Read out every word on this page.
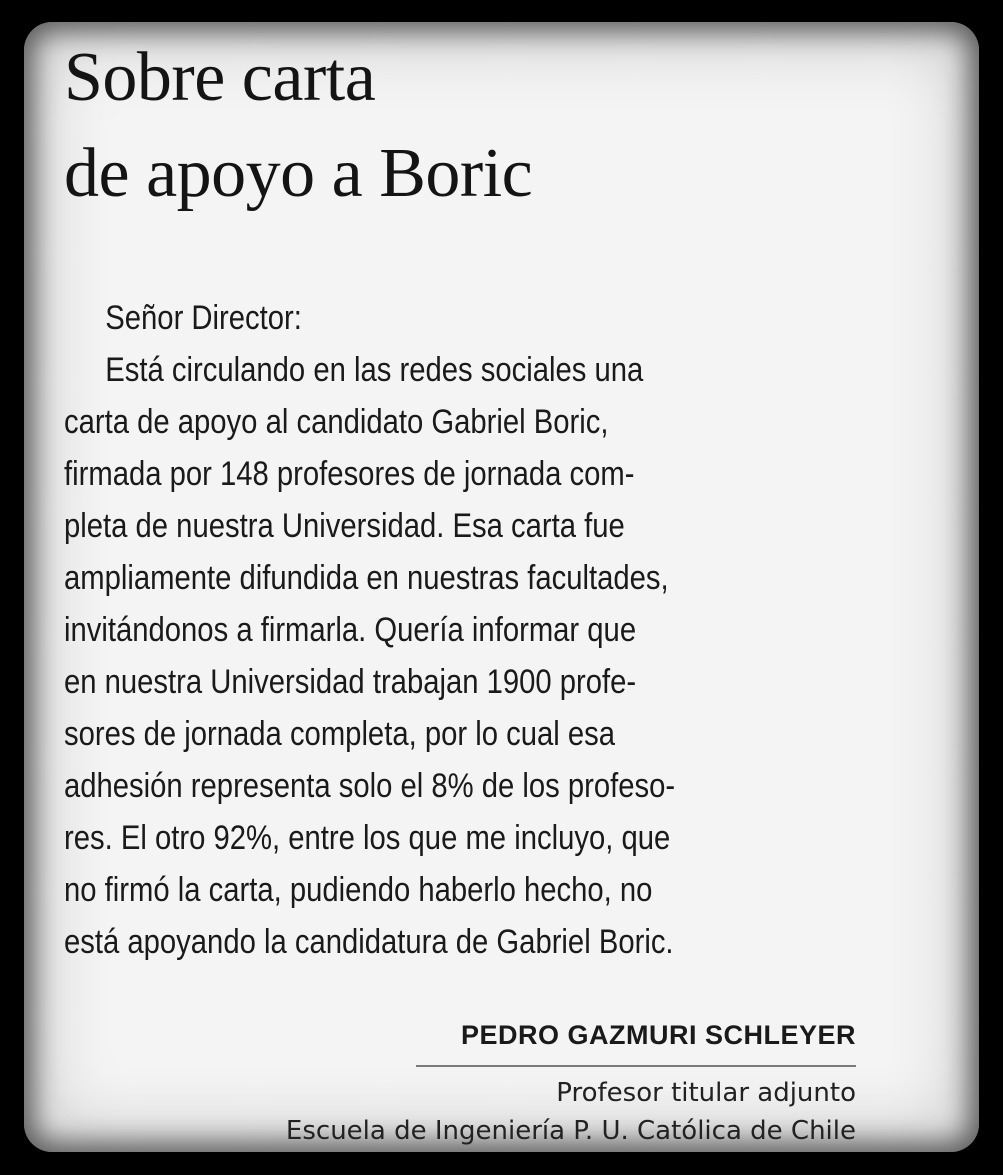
Sobre carta
de apoyo a Boric
Señor Director:
Está circulando en las redes sociales una
carta de apoyo al candidato Gabriel Boric,
firmada por 148 profesores de jornada com-
pleta de nuestra Universidad. Esa carta fue
ampliamente difundida en nuestras facultades,
invitándonos a firmarla. Quería informar que
en nuestra Universidad trabajan 1900 profe-
sores de jornada completa, por lo cual esa
adhesión representa solo el 8% de los profeso-
res. El otro 92%, entre los que me incluyo, que
no firmó la carta, pudiendo haberlo hecho, no
está apoyando la candidatura de Gabriel Boric.
PEDRO GAZMURI SCHLEYER
Profesor titular adjunto
Escuela de Ingeniería P. U. Católica de Chile
